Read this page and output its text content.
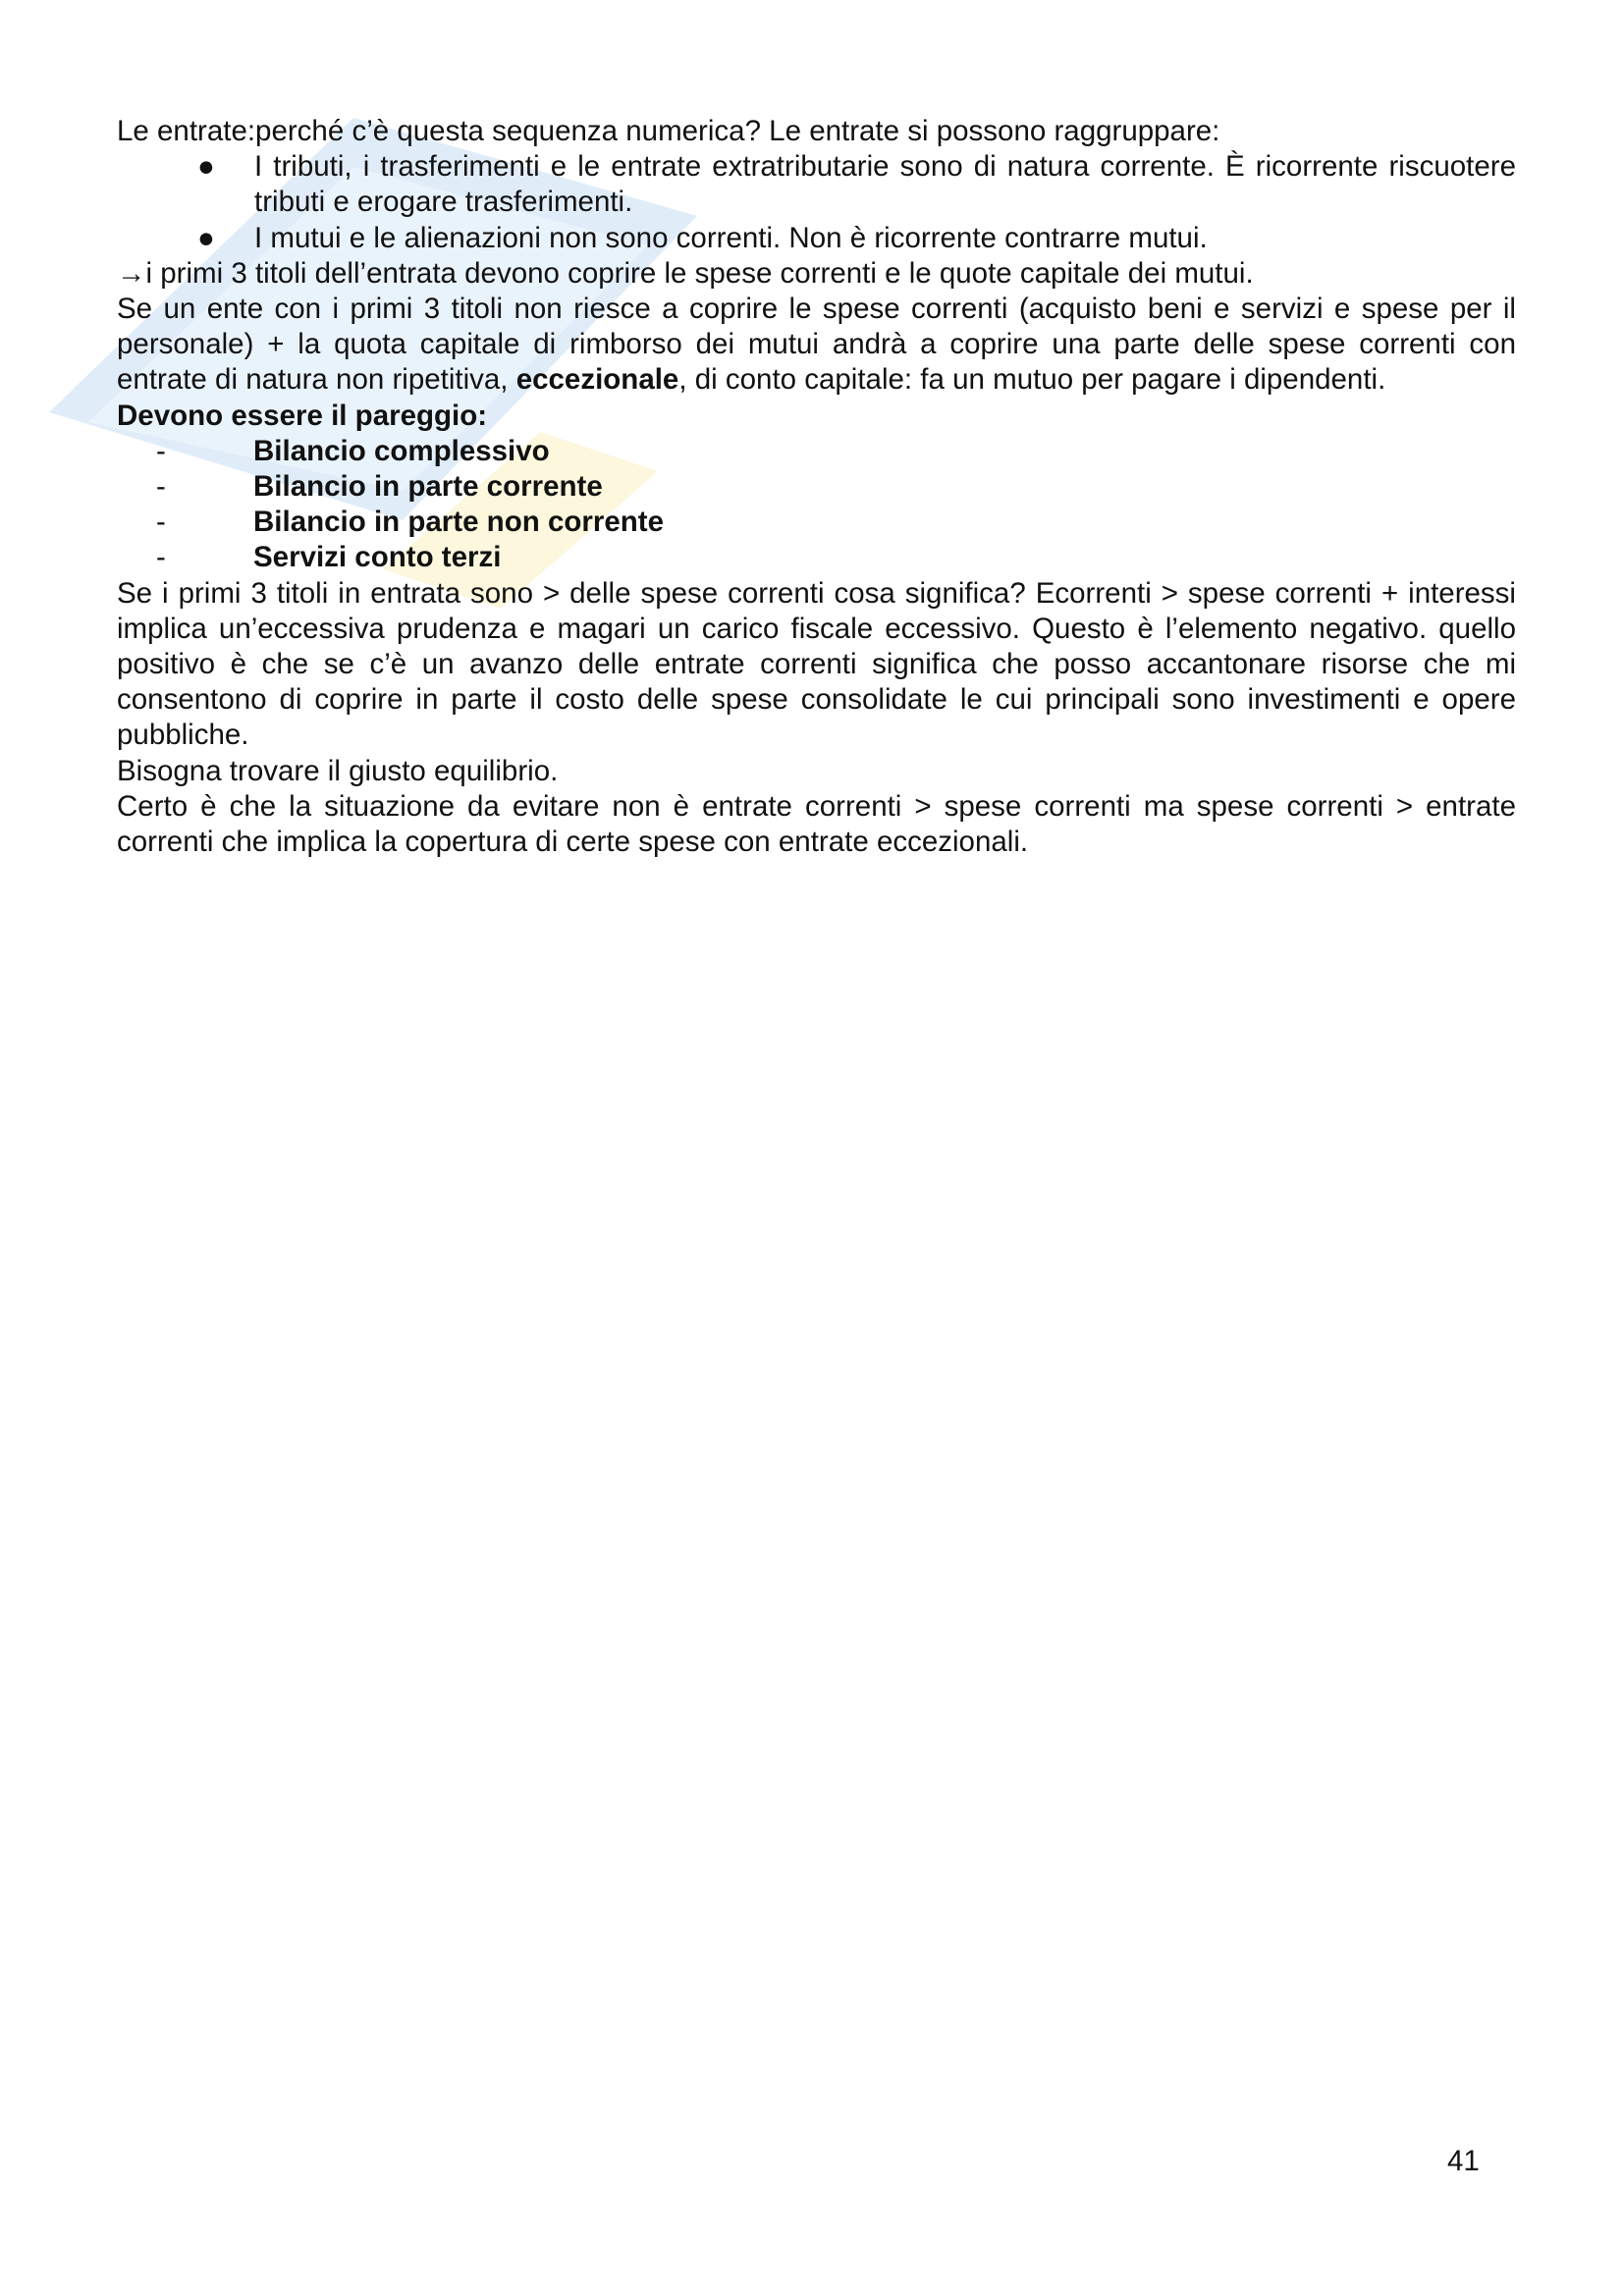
Le entrate:perché c’è questa sequenza numerica? Le entrate si possono raggruppare:

●	I tributi, i trasferimenti e le entrate extratributarie sono di natura corrente. È ricorrente riscuotere tributi e erogare trasferimenti.
●	I mutui e le alienazioni non sono correnti. Non è ricorrente contrarre mutui.

→i primi 3 titoli dell’entrata devono coprire le spese correnti e le quote capitale dei mutui.

Se un ente con i primi 3 titoli non riesce a coprire le spese correnti (acquisto beni e servizi e spese per il personale) + la quota capitale di rimborso dei mutui andrà a coprire una parte delle spese correnti con entrate di natura non ripetitiva, eccezionale, di conto capitale: fa un mutuo per pagare i dipendenti.

Devono essere il pareggio:

-	Bilancio complessivo
-	Bilancio in parte corrente
-	Bilancio in parte non corrente
-	Servizi conto terzi

Se i primi 3 titoli in entrata sono > delle spese correnti cosa significa? Ecorrenti > spese correnti + interessi implica un’eccessiva prudenza e magari un carico fiscale eccessivo. Questo è l’elemento negativo. quello positivo è che se c’è un avanzo delle entrate correnti significa che posso accantonare risorse che mi consentono di coprire in parte il costo delle spese consolidate le cui principali sono investimenti e opere pubbliche.

Bisogna trovare il giusto equilibrio.

Certo è che la situazione da evitare non è entrate correnti > spese correnti ma spese correnti > entrate correnti che implica la copertura di certe spese con entrate eccezionali.

41
